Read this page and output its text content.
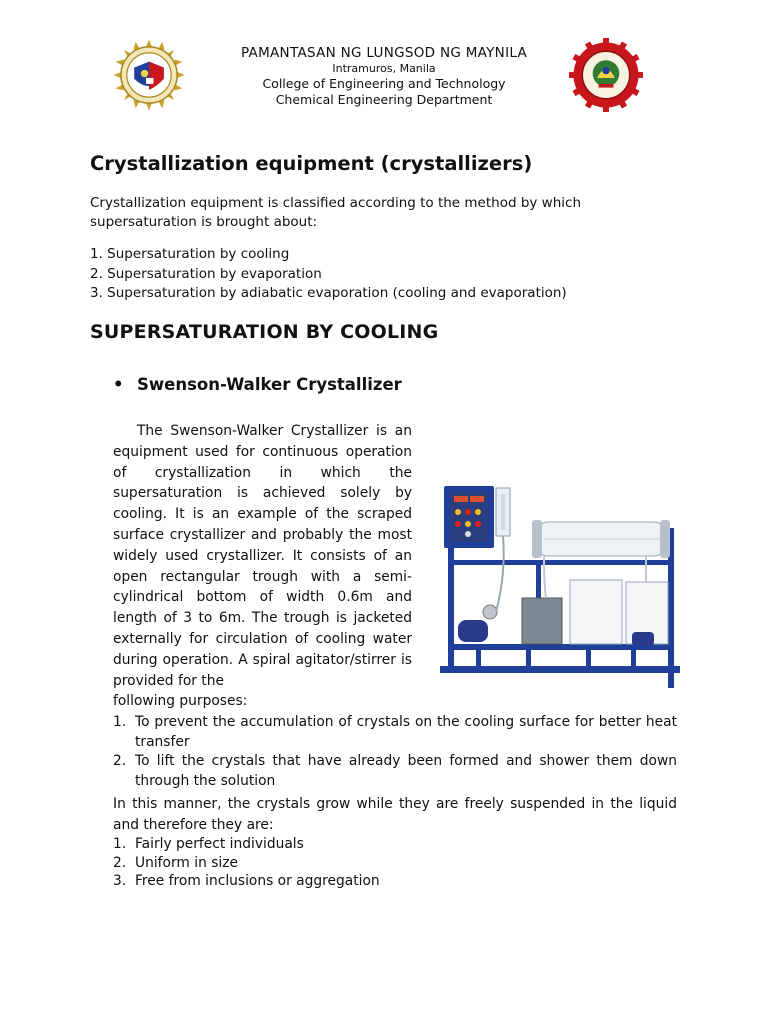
PAMANTASAN NG LUNGSOD NG MAYNILA
Intramuros, Manila
College of Engineering and Technology
Chemical Engineering Department
Crystallization equipment (crystallizers)

Crystallization equipment is classified according to the method by which supersaturation is brought about:

1. Supersaturation by cooling
2. Supersaturation by evaporation
3. Supersaturation by adiabatic evaporation (cooling and evaporation)
SUPERSATURATION BY COOLING
• Swenson-Walker Crystallizer

The Swenson-Walker Crystallizer is an equipment used for continuous operation of crystallization in which the supersaturation is achieved solely by cooling. It is an example of the scraped surface crystallizer and probably the most widely used crystallizer. It consists of an open rectangular trough with a semi-cylindrical bottom of width 0.6m and length of 3 to 6m. The trough is jacketed externally for circulation of cooling water during operation. A spiral agitator/stirrer is provided for the
following purposes:

1. To prevent the accumulation of crystals on the cooling surface for better heat transfer
2. To lift the crystals that have already been formed and shower them down through the solution

In this manner, the crystals grow while they are freely suspended in the liquid and therefore they are:

1. Fairly perfect individuals
2. Uniform in size
3. Free from inclusions or aggregation
